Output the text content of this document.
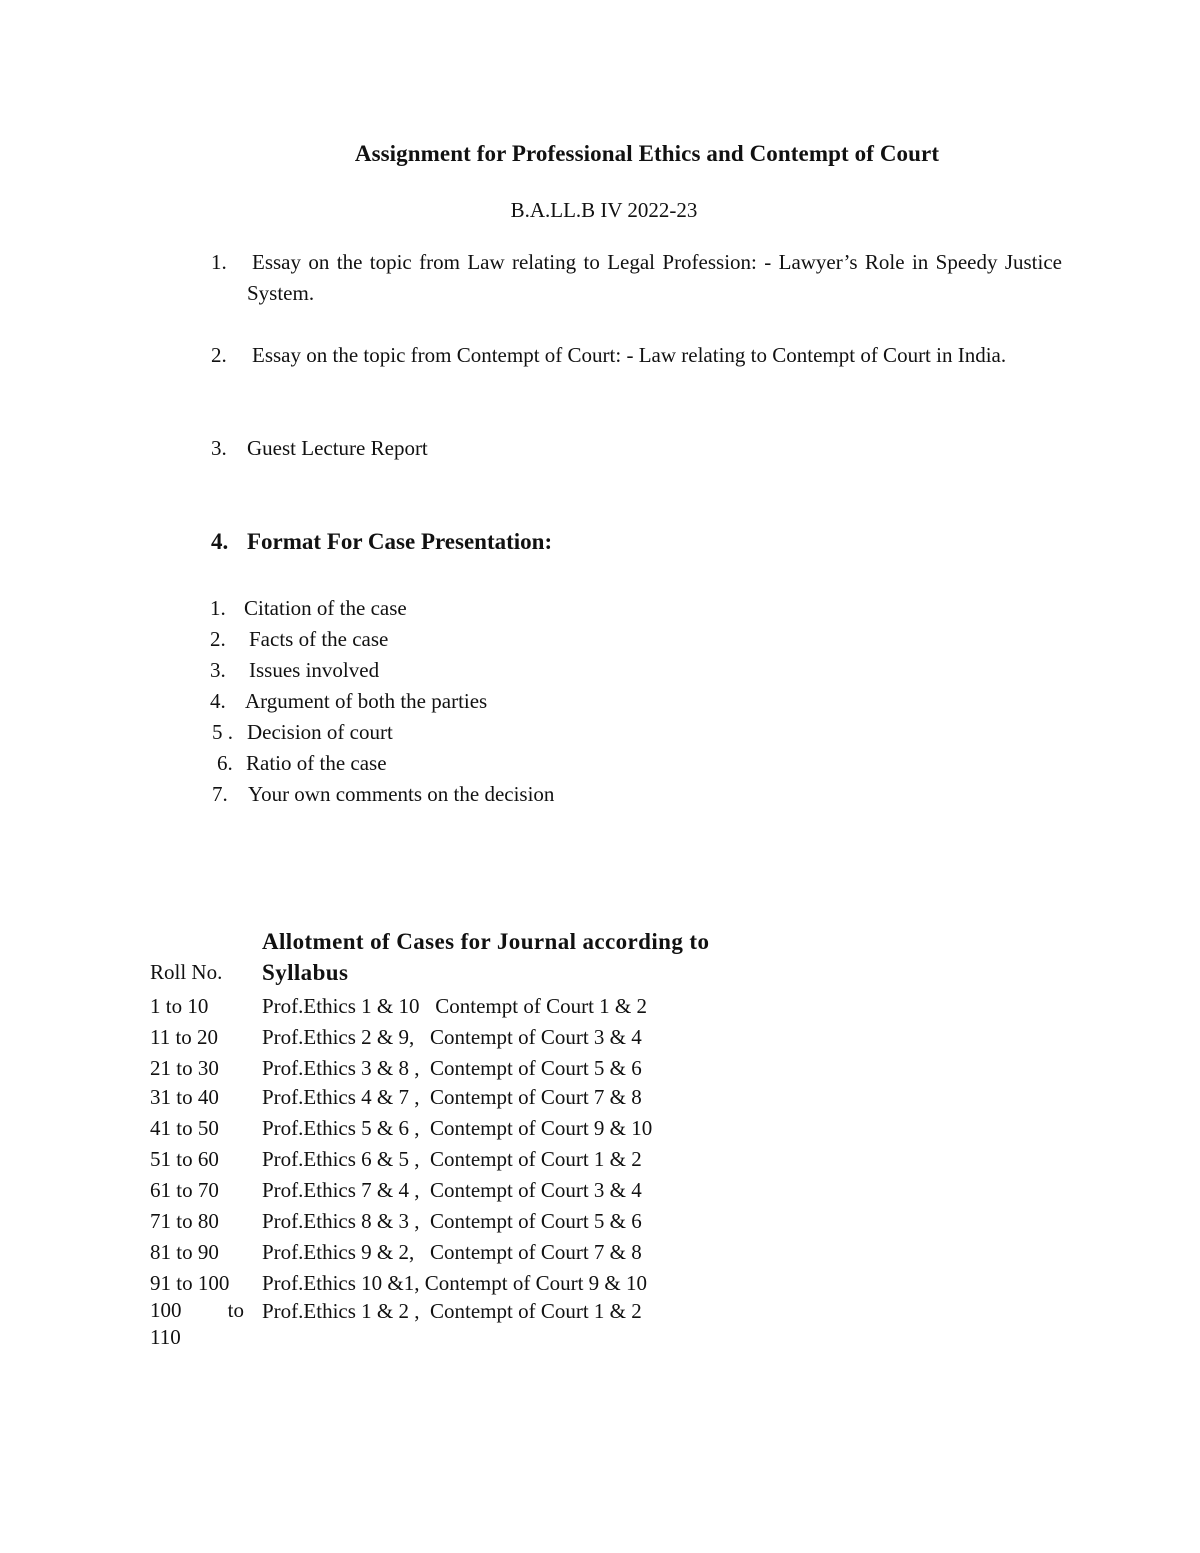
Assignment for Professional Ethics and Contempt of Court
B.A.LL.B IV 2022-23
1. Essay on the topic from Law relating to Legal Profession: - Lawyer’s Role in Speedy Justice System.
2. Essay on the topic from Contempt of Court: - Law relating to Contempt of Court in India.
3. Guest Lecture Report
4. Format For Case Presentation:
1. Citation of the case
2. Facts of the case
3. Issues involved
4. Argument of both the parties
5 . Decision of court
6. Ratio of the case
7. Your own comments on the decision
Allotment of Cases for Journal according to Syllabus
Roll No.
1 to 10	Prof.Ethics 1 & 10   Contempt of Court 1 & 2
11 to 20 Prof.Ethics 2 & 9,   Contempt of Court 3 & 4
21 to 30 Prof.Ethics 3 & 8 ,  Contempt of Court 5 & 6
31 to 40 Prof.Ethics 4 & 7 ,  Contempt of Court 7 & 8
41 to 50 Prof.Ethics 5 & 6 ,  Contempt of Court 9 & 10
51 to 60 Prof.Ethics 6 & 5 ,  Contempt of Court 1 & 2
61 to 70 Prof.Ethics 7 & 4 ,  Contempt of Court 3 & 4
71 to 80 Prof.Ethics 8 & 3 ,  Contempt of Court 5 & 6
81 to 90 Prof.Ethics 9 & 2,   Contempt of Court 7 & 8
91 to 100 Prof.Ethics 10 &1, Contempt of Court 9 & 10
100 to
110
Prof.Ethics 1 & 2 ,  Contempt of Court 1 & 2
